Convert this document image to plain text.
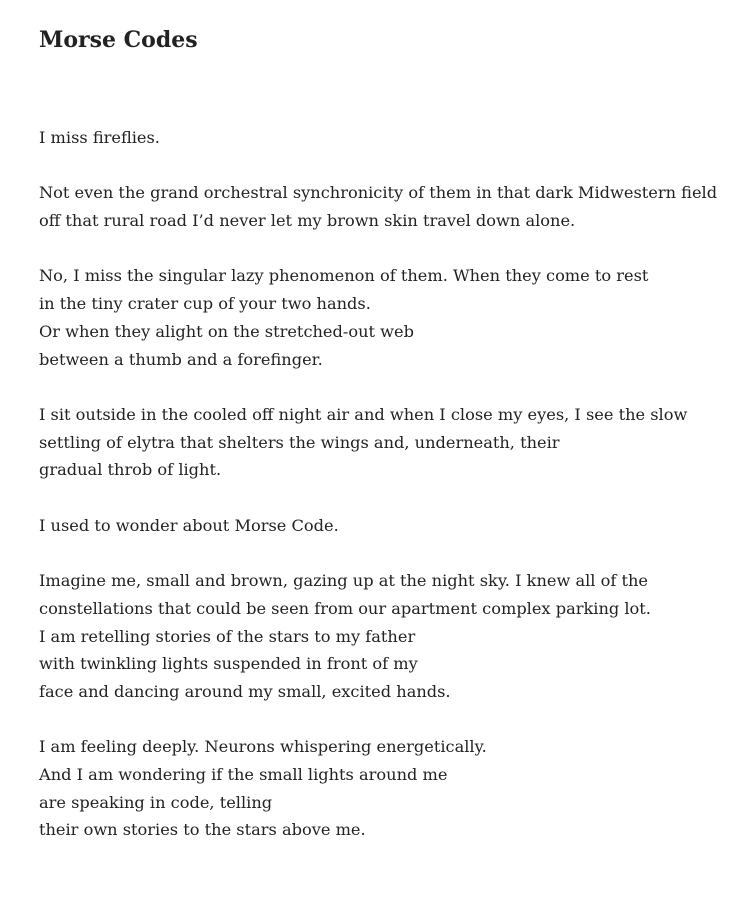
Morse Codes
I miss fireflies.
Not even the grand orchestral synchronicity of them in that dark Midwestern field
off that rural road I’d never let my brown skin travel down alone.
No, I miss the singular lazy phenomenon of them. When they come to rest
in the tiny crater cup of your two hands.
Or when they alight on the stretched-out web
between a thumb and a forefinger.
I sit outside in the cooled off night air and when I close my eyes, I see the slow
settling of elytra that shelters the wings and, underneath, their
gradual throb of light.
I used to wonder about Morse Code.
Imagine me, small and brown, gazing up at the night sky. I knew all of the
constellations that could be seen from our apartment complex parking lot.
I am retelling stories of the stars to my father
with twinkling lights suspended in front of my
face and dancing around my small, excited hands.
I am feeling deeply. Neurons whispering energetically.
And I am wondering if the small lights around me
are speaking in code, telling
their own stories to the stars above me.
